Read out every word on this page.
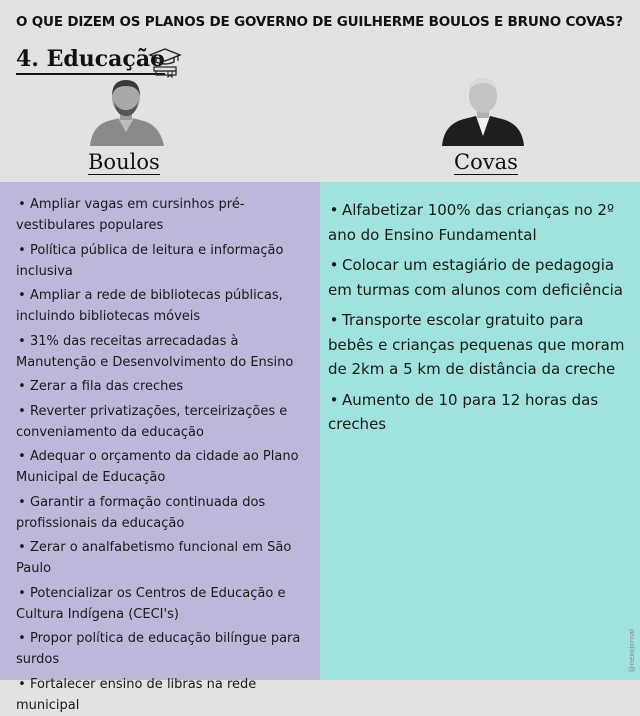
O QUE DIZEM OS PLANOS DE GOVERNO DE GUILHERME BOULOS E BRUNO COVAS?
4. Educação
Boulos	Covas
• Ampliar vagas em cursinhos pré-vestibulares populares
• Política pública de leitura e informação inclusiva
• Ampliar a rede de bibliotecas públicas, incluindo bibliotecas móveis
• 31% das receitas arrecadadas à Manutenção e Desenvolvimento do Ensino
• Zerar a fila das creches
• Reverter privatizações, terceirizações e conveniamento da educação
• Adequar o orçamento da cidade ao Plano Municipal de Educação
• Garantir a formação continuada dos profissionais da educação
• Zerar o analfabetismo funcional em São Paulo
• Potencializar os Centros de Educação e Cultura Indígena (CECI's)
• Propor política de educação bilíngue para surdos
• Fortalecer ensino de libras na rede municipal
• Alfabetizar 100% das crianças no 2º ano do Ensino Fundamental
• Colocar um estagiário de pedagogia em turmas com alunos com deficiência
• Transporte escolar gratuito para bebês e crianças pequenas que moram de 2km a 5 km de distância da creche
• Aumento de 10 para 12 horas das creches
@nexojornal
